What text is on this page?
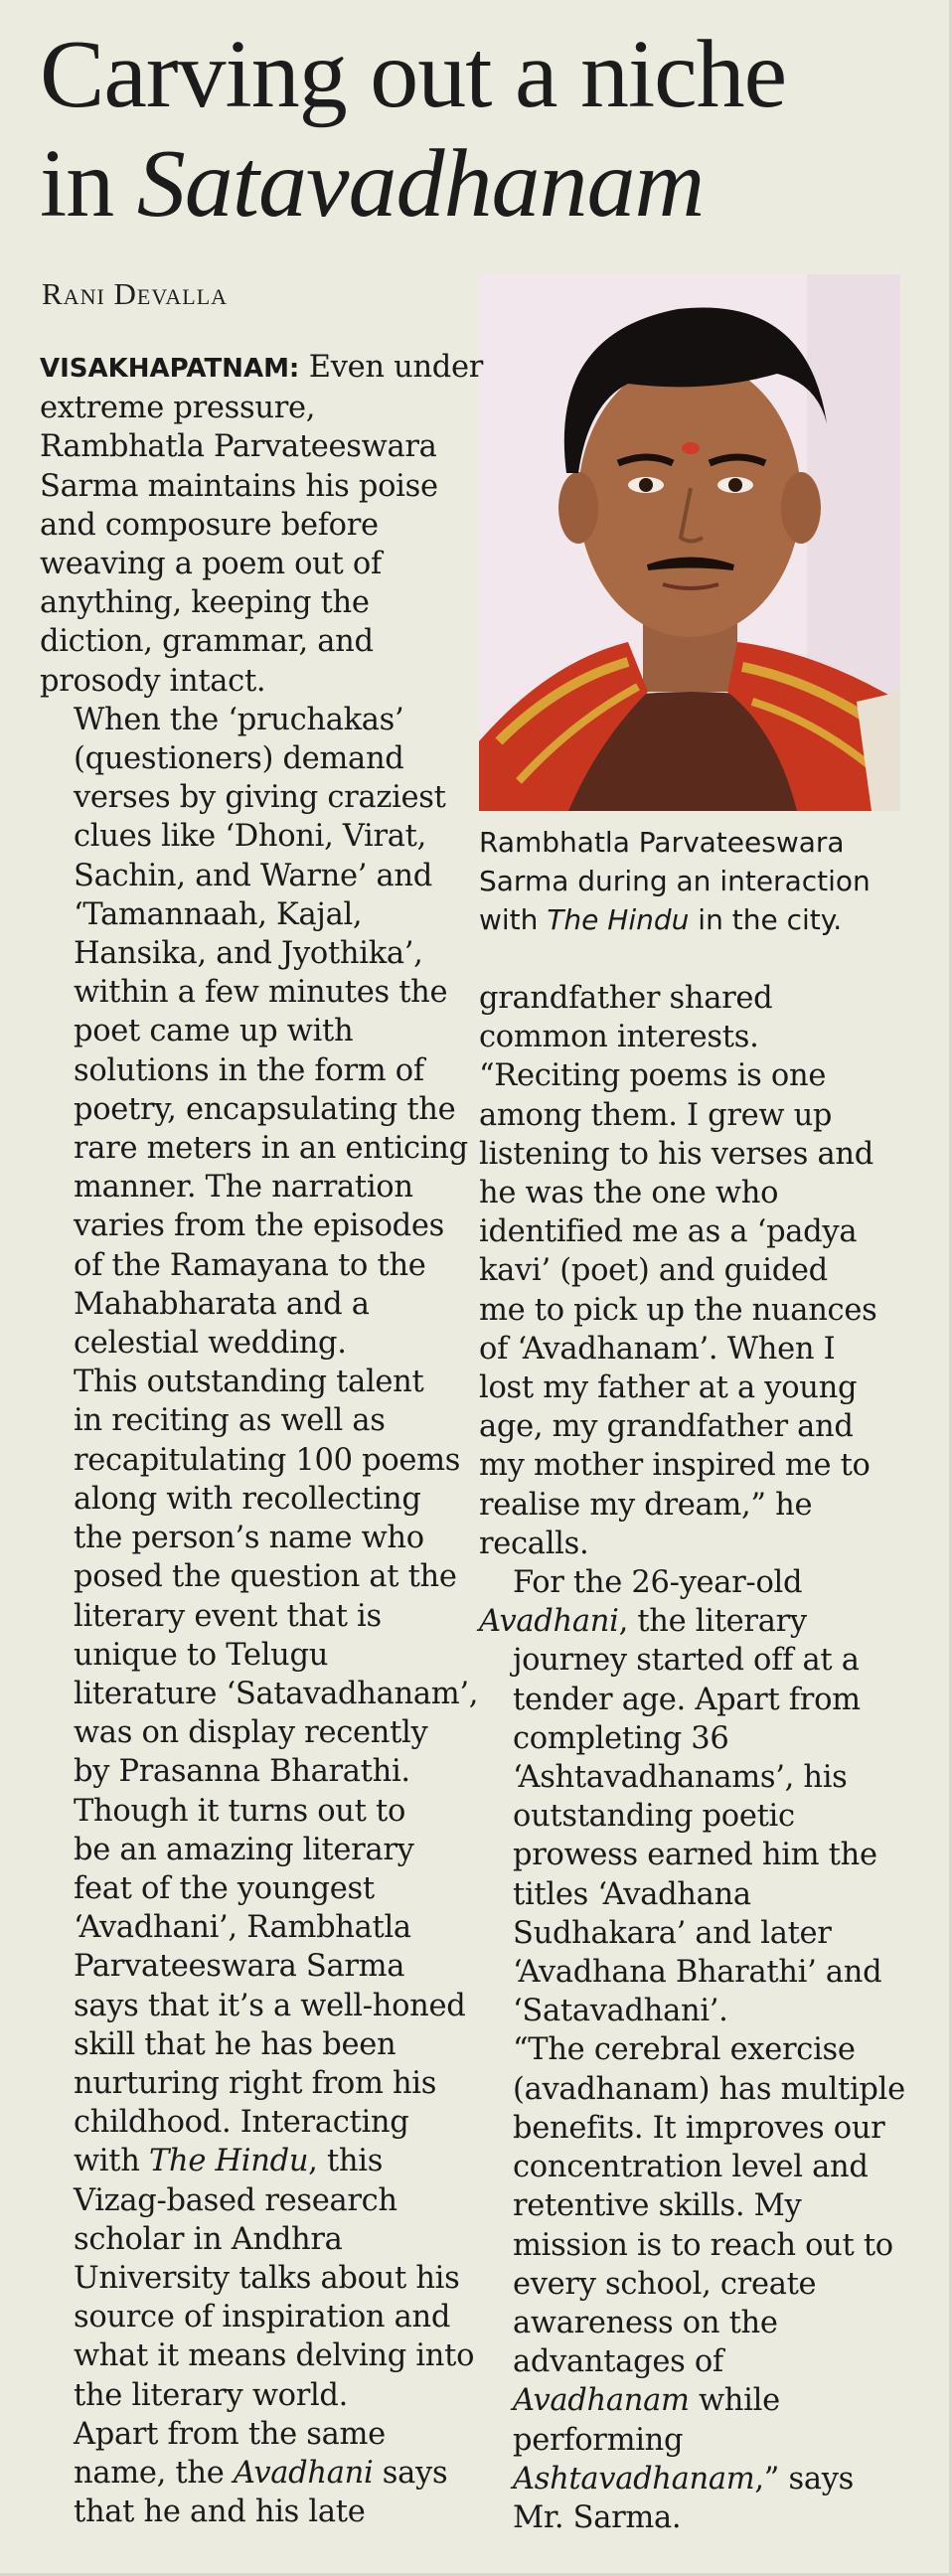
Carving out a niche
in Satavadhanam
Rani Devalla
Rambhatla Parvateeswara
Sarma during an interaction
with The Hindu in the city.

VISAKHAPATNAM: Even under
extreme pressure,
Rambhatla Parvateeswara
Sarma maintains his poise
and composure before
weaving a poem out of
anything, keeping the
diction, grammar, and
prosody intact.

When the ‘pruchakas’
(questioners) demand
verses by giving craziest
clues like ‘Dhoni, Virat,
Sachin, and Warne’ and
‘Tamannaah, Kajal,
Hansika, and Jyothika’,
within a few minutes the
poet came up with
solutions in the form of
poetry, encapsulating the
rare meters in an enticing
manner. The narration
varies from the episodes
of the Ramayana to the
Mahabharata and a
celestial wedding.

This outstanding talent
in reciting as well as
recapitulating 100 poems
along with recollecting
the person’s name who
posed the question at the
literary event that is
unique to Telugu
literature ‘Satavadhanam’,
was on display recently
by Prasanna Bharathi.

Though it turns out to
be an amazing literary
feat of the youngest
‘Avadhani’, Rambhatla
Parvateeswara Sarma
says that it’s a well-honed
skill that he has been
nurturing right from his
childhood. Interacting
with The Hindu, this
Vizag-based research
scholar in Andhra
University talks about his
source of inspiration and
what it means delving into
the literary world.

Apart from the same
name, the Avadhani says
that he and his late

grandfather shared
common interests.
“Reciting poems is one
among them. I grew up
listening to his verses and
he was the one who
identified me as a ‘padya
kavi’ (poet) and guided
me to pick up the nuances
of ‘Avadhanam’. When I
lost my father at a young
age, my grandfather and
my mother inspired me to
realise my dream,” he
recalls.

For the 26-year-old
Avadhani, the literary
journey started off at a
tender age. Apart from
completing 36
‘Ashtavadhanams’, his
outstanding poetic
prowess earned him the
titles ‘Avadhana
Sudhakara’ and later
‘Avadhana Bharathi’ and
‘Satavadhani’.

“The cerebral exercise
(avadhanam) has multiple
benefits. It improves our
concentration level and
retentive skills. My
mission is to reach out to
every school, create
awareness on the
advantages of
Avadhanam while
performing
Ashtavadhanam,” says
Mr. Sarma.
